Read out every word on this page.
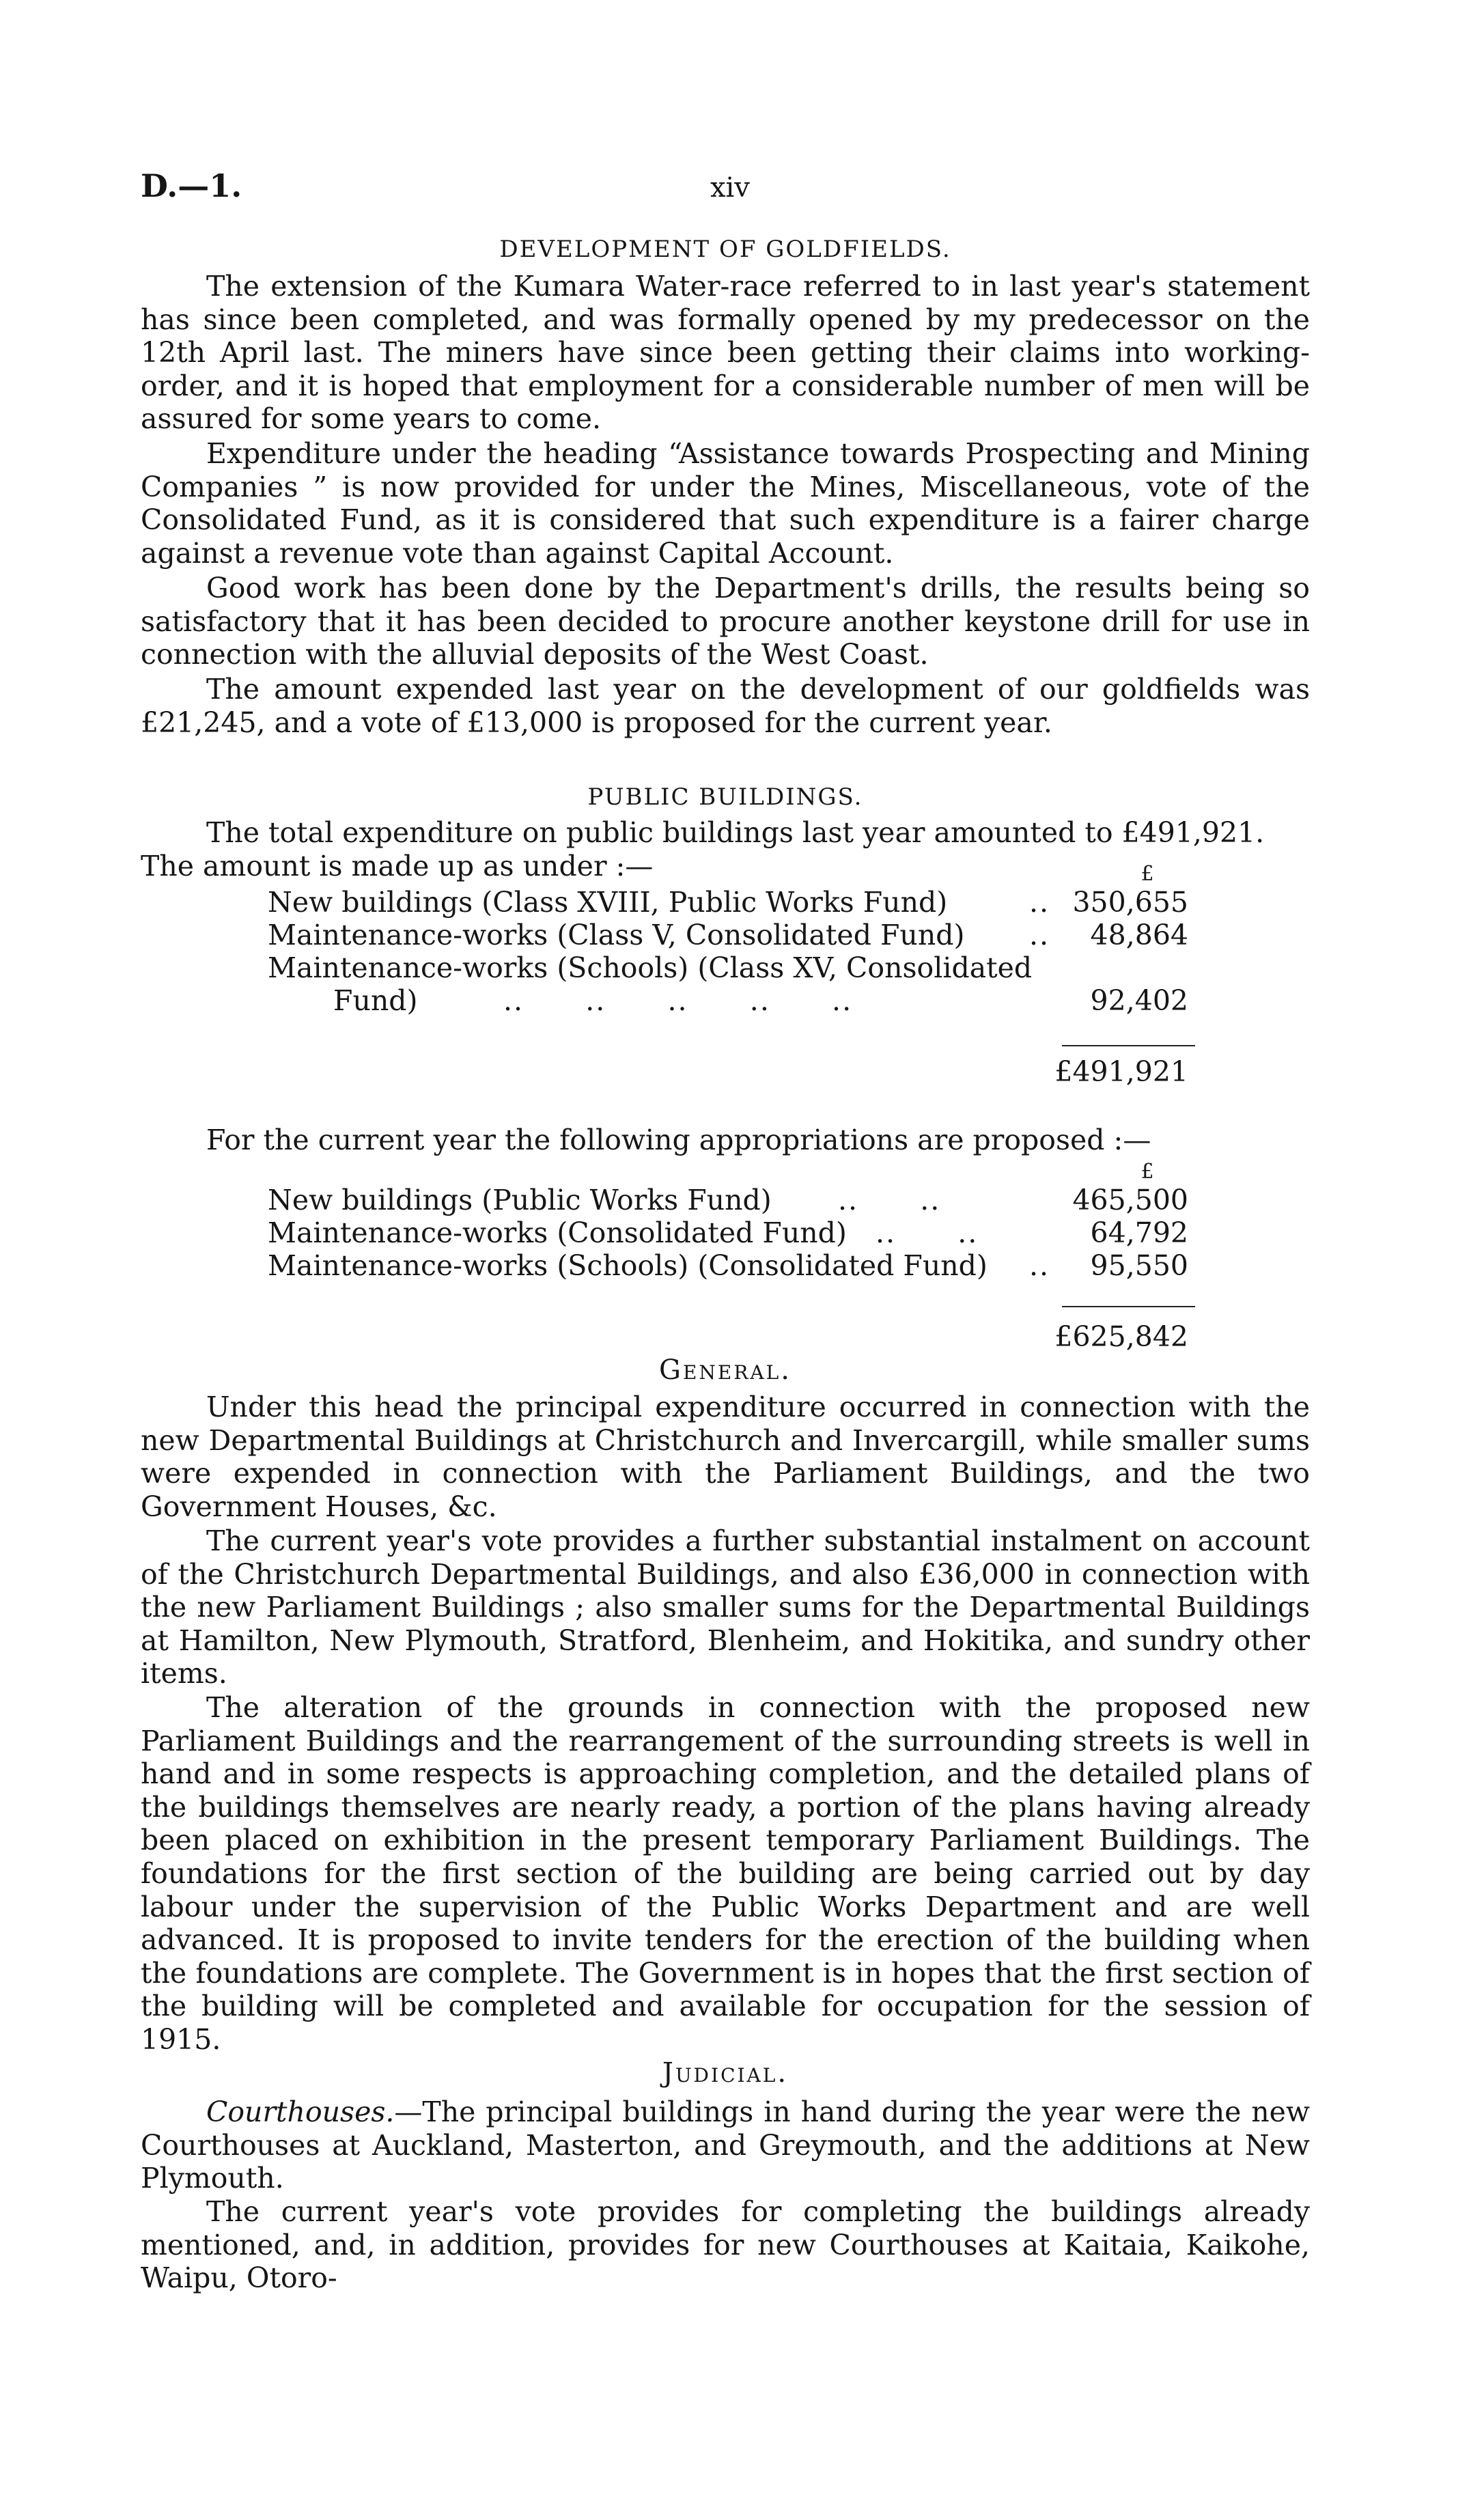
D.—1.	xiv
DEVELOPMENT OF GOLDFIELDS.
The extension of the Kumara Water-race referred to in last year's statement has since been completed, and was formally opened by my predecessor on the 12th April last. The miners have since been getting their claims into working-order, and it is hoped that employment for a considerable number of men will be assured for some years to come.
Expenditure under the heading “Assistance towards Prospecting and Mining Companies ” is now provided for under the Mines, Miscellaneous, vote of the Consolidated Fund, as it is considered that such expenditure is a fairer charge against a revenue vote than against Capital Account.
Good work has been done by the Department's drills, the results being so satisfactory that it has been decided to procure another keystone drill for use in connection with the alluvial deposits of the West Coast.
The amount expended last year on the development of our goldfields was £21,245, and a vote of £13,000 is proposed for the current year.
PUBLIC BUILDINGS.
The total expenditure on public buildings last year amounted to £491,921.
The amount is made up as under :—	£
New buildings (Class XVIII, Public Works Fund)	.. 350,655
Maintenance-works (Class V, Consolidated Fund) ..	48,864
Maintenance-works (Schools) (Class XV, Consolidated
Fund)	..      ..      ..      ..      ..	92,402
£491,921
For the current year the following appropriations are proposed :—
£
New buildings (Public Works Fund) ..      ..	465,500
Maintenance-works (Consolidated Fund) ..      ..	64,792
Maintenance-works (Schools) (Consolidated Fund) ..	95,550
£625,842
General.
Under this head the principal expenditure occurred in connection with the new Departmental Buildings at Christchurch and Invercargill, while smaller sums were expended in connection with the Parliament Buildings, and the two Government Houses, &c.
The current year's vote provides a further substantial instalment on account of the Christchurch Departmental Buildings, and also £36,000 in connection with the new Parliament Buildings ; also smaller sums for the Departmental Buildings at Hamilton, New Plymouth, Stratford, Blenheim, and Hokitika, and sundry other items.
The alteration of the grounds in connection with the proposed new Parliament Buildings and the rearrangement of the surrounding streets is well in hand and in some respects is approaching completion, and the detailed plans of the buildings themselves are nearly ready, a portion of the plans having already been placed on exhibition in the present temporary Parliament Buildings. The foundations for the first section of the building are being carried out by day labour under the supervision of the Public Works Department and are well advanced. It is proposed to invite tenders for the erection of the building when the foundations are complete. The Government is in hopes that the first section of the building will be completed and available for occupation for the session of 1915.
Judicial.
Courthouses.—The principal buildings in hand during the year were the new Courthouses at Auckland, Masterton, and Greymouth, and the additions at New Plymouth.
The current year's vote provides for completing the buildings already mentioned, and, in addition, provides for new Courthouses at Kaitaia, Kaikohe, Waipu, Otoro-
